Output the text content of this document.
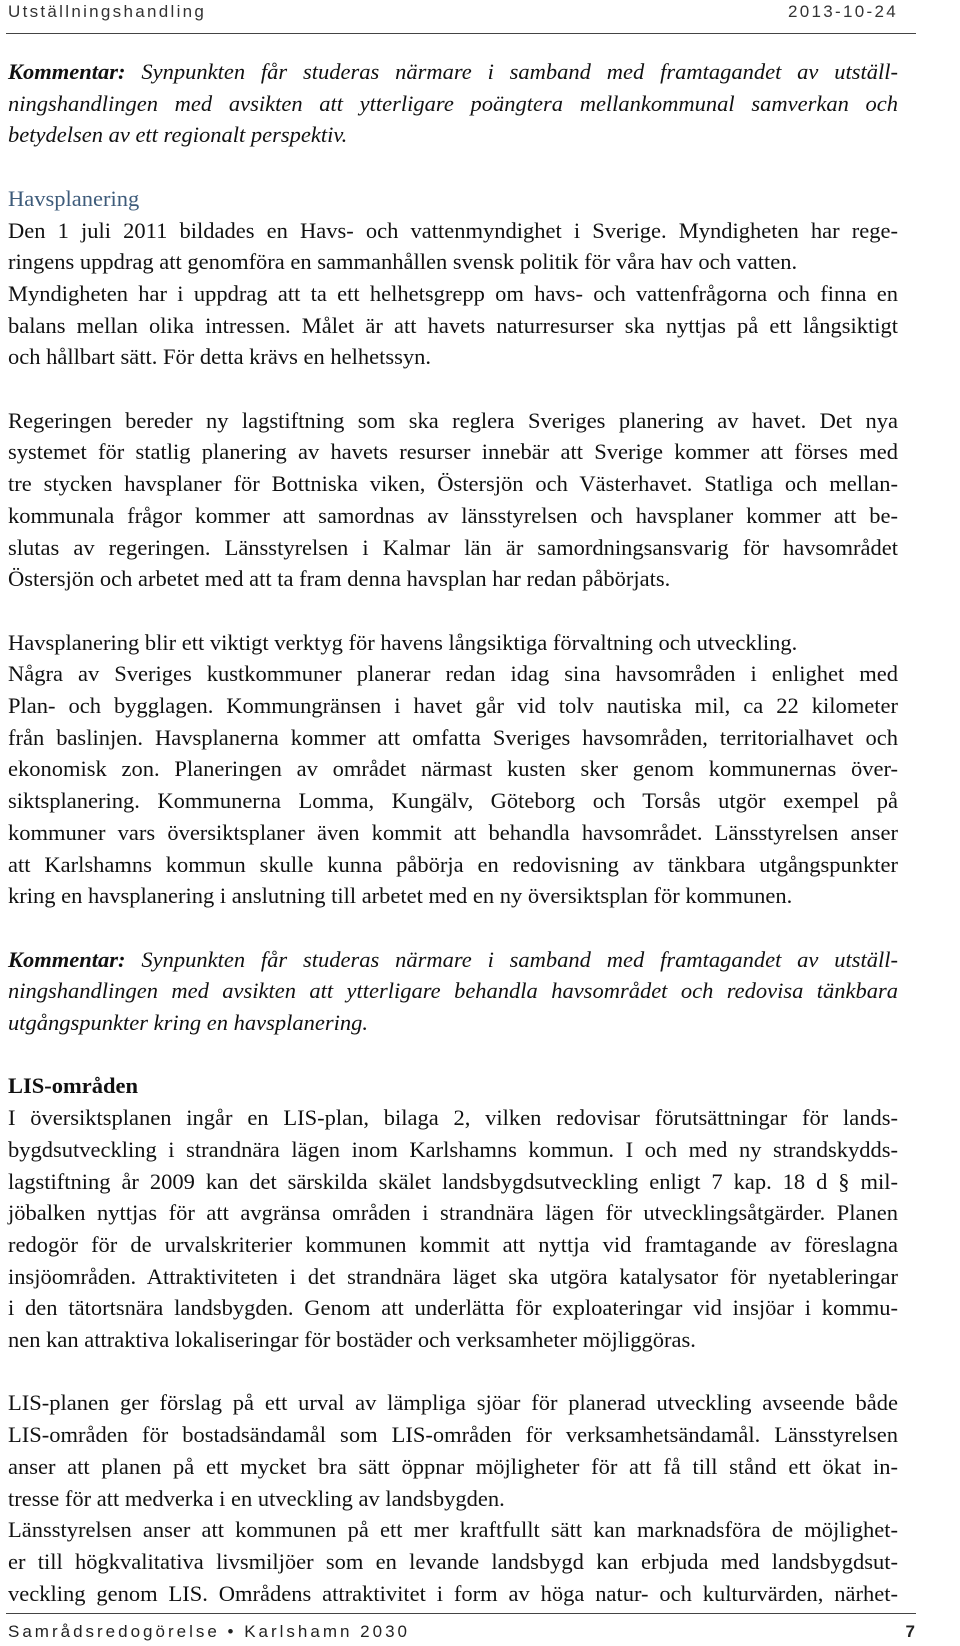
Utställningshandling	2013-10-24
Kommentar: Synpunkten får studeras närmare i samband med framtagandet av utställ-
ningshandlingen med avsikten att ytterligare poängtera mellankommunal samverkan och
betydelsen av ett regionalt perspektiv.
Havsplanering
Den 1 juli 2011 bildades en Havs- och vattenmyndighet i Sverige. Myndigheten har rege-
ringens uppdrag att genomföra en sammanhållen svensk politik för våra hav och vatten.
Myndigheten har i uppdrag att ta ett helhetsgrepp om havs- och vattenfrågorna och finna en
balans mellan olika intressen. Målet är att havets naturresurser ska nyttjas på ett långsiktigt
och hållbart sätt. För detta krävs en helhetssyn.
Regeringen bereder ny lagstiftning som ska reglera Sveriges planering av havet. Det nya
systemet för statlig planering av havets resurser innebär att Sverige kommer att förses med
tre stycken havsplaner för Bottniska viken, Östersjön och Västerhavet. Statliga och mellan-
kommunala frågor kommer att samordnas av länsstyrelsen och havsplaner kommer att be-
slutas av regeringen. Länsstyrelsen i Kalmar län är samordningsansvarig för havsområdet
Östersjön och arbetet med att ta fram denna havsplan har redan påbörjats.
Havsplanering blir ett viktigt verktyg för havens långsiktiga förvaltning och utveckling.
Några av Sveriges kustkommuner planerar redan idag sina havsområden i enlighet med
Plan- och bygglagen. Kommungränsen i havet går vid tolv nautiska mil, ca 22 kilometer
från baslinjen. Havsplanerna kommer att omfatta Sveriges havsområden, territorialhavet och
ekonomisk zon. Planeringen av området närmast kusten sker genom kommunernas över-
siktsplanering. Kommunerna Lomma, Kungälv, Göteborg och Torsås utgör exempel på
kommuner vars översiktsplaner även kommit att behandla havsområdet. Länsstyrelsen anser
att Karlshamns kommun skulle kunna påbörja en redovisning av tänkbara utgångspunkter
kring en havsplanering i anslutning till arbetet med en ny översiktsplan för kommunen.
Kommentar: Synpunkten får studeras närmare i samband med framtagandet av utställ-
ningshandlingen med avsikten att ytterligare behandla havsområdet och redovisa tänkbara
utgångspunkter kring en havsplanering.
LIS-områden
I översiktsplanen ingår en LIS-plan, bilaga 2, vilken redovisar förutsättningar för lands-
bygdsutveckling i strandnära lägen inom Karlshamns kommun. I och med ny strandskydds-
lagstiftning år 2009 kan det särskilda skälet landsbygdsutveckling enligt 7 kap. 18 d § mil-
jöbalken nyttjas för att avgränsa områden i strandnära lägen för utvecklingsåtgärder. Planen
redogör för de urvalskriterier kommunen kommit att nyttja vid framtagande av föreslagna
insjöområden. Attraktiviteten i det strandnära läget ska utgöra katalysator för nyetableringar
i den tätortsnära landsbygden. Genom att underlätta för exploateringar vid insjöar i kommu-
nen kan attraktiva lokaliseringar för bostäder och verksamheter möjliggöras.
LIS-planen ger förslag på ett urval av lämpliga sjöar för planerad utveckling avseende både
LIS-områden för bostadsändamål som LIS-områden för verksamhetsändamål. Länsstyrelsen
anser att planen på ett mycket bra sätt öppnar möjligheter för att få till stånd ett ökat in-
tresse för att medverka i en utveckling av landsbygden.
Länsstyrelsen anser att kommunen på ett mer kraftfullt sätt kan marknadsföra de möjlighet-
er till högkvalitativa livsmiljöer som en levande landsbygd kan erbjuda med landsbygdsut-
veckling genom LIS. Områdens attraktivitet i form av höga natur- och kulturvärden, närhet-
Samrådsredogörelse • Karlshamn 2030	7
